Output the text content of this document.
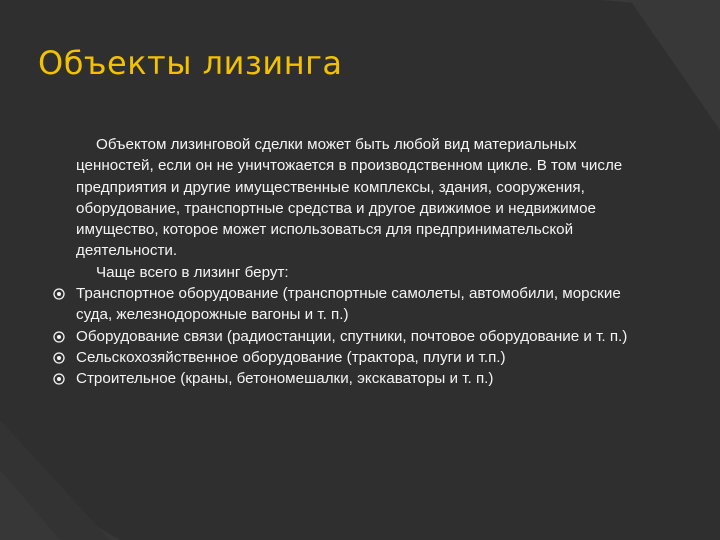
Объекты лизинга

Объектом лизинговой сделки может быть любой вид материальных ценностей, если он не уничтожается в производственном цикле. В том числе предприятия и другие имущественные комплексы, здания, сооружения, оборудование, транспортные средства и другое движимое и недвижимое имущество, которое может использоваться для предпринимательской деятельности.

Чаще всего в лизинг берут:

Транспортное оборудование (транспортные самолеты, автомобили, морские суда, железнодорожные вагоны и т. п.)
Оборудование связи (радиостанции, спутники, почтовое оборудование и т. п.)
Сельскохозяйственное оборудование (трактора, плуги и т.п.)
Строительное (краны, бетономешалки, экскаваторы и т. п.)
